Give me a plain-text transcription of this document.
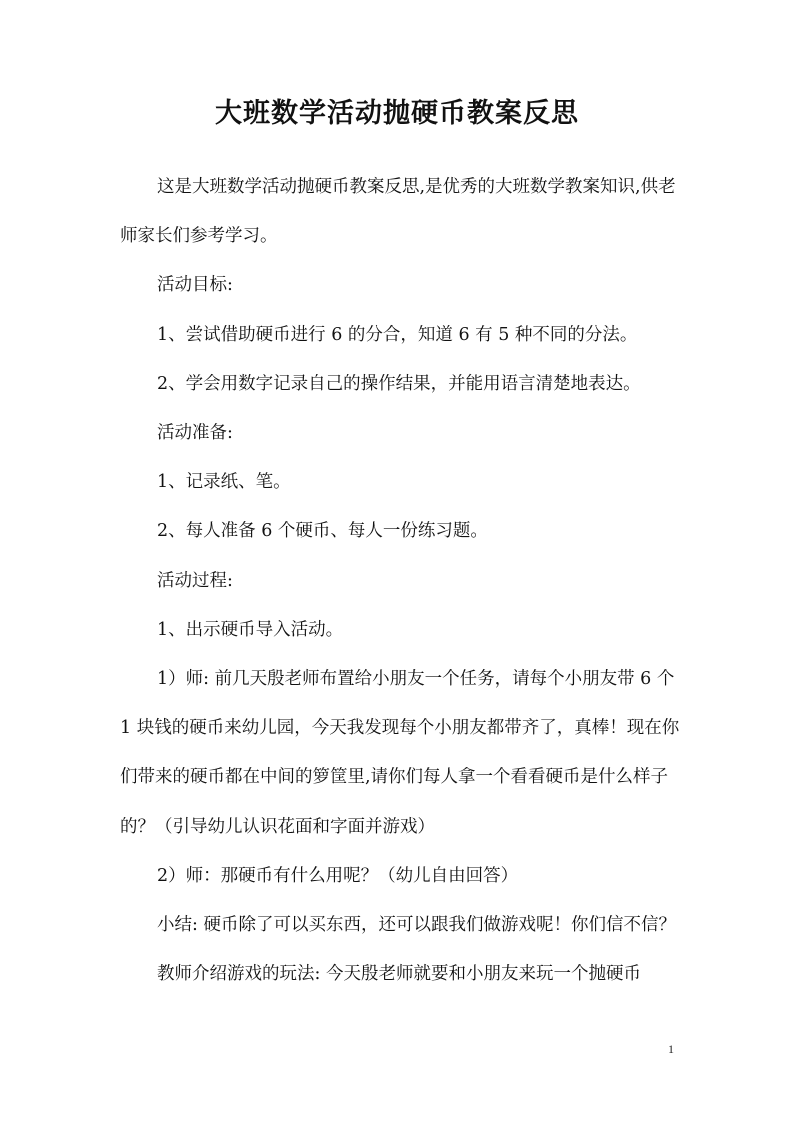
大班数学活动抛硬币教案反思

这是大班数学活动抛硬币教案反思,是优秀的大班数学教案知识,供老师家长们参考学习。

活动目标:

1、尝试借助硬币进行 6 的分合，知道 6 有 5 种不同的分法。

2、学会用数字记录自己的操作结果，并能用语言清楚地表达。

活动准备:

1、记录纸、笔。

2、每人准备 6 个硬币、每人一份练习题。

活动过程:

1、出示硬币导入活动。

1）师: 前几天殷老师布置给小朋友一个任务，请每个小朋友带 6 个 1 块钱的硬币来幼儿园，今天我发现每个小朋友都带齐了，真棒！现在你们带来的硬币都在中间的箩筐里,请你们每人拿一个看看硬币是什么样子的？（引导幼儿认识花面和字面并游戏）

2）师：那硬币有什么用呢？（幼儿自由回答）

小结: 硬币除了可以买东西，还可以跟我们做游戏呢！你们信不信？

教师介绍游戏的玩法: 今天殷老师就要和小朋友来玩一个抛硬币

1
